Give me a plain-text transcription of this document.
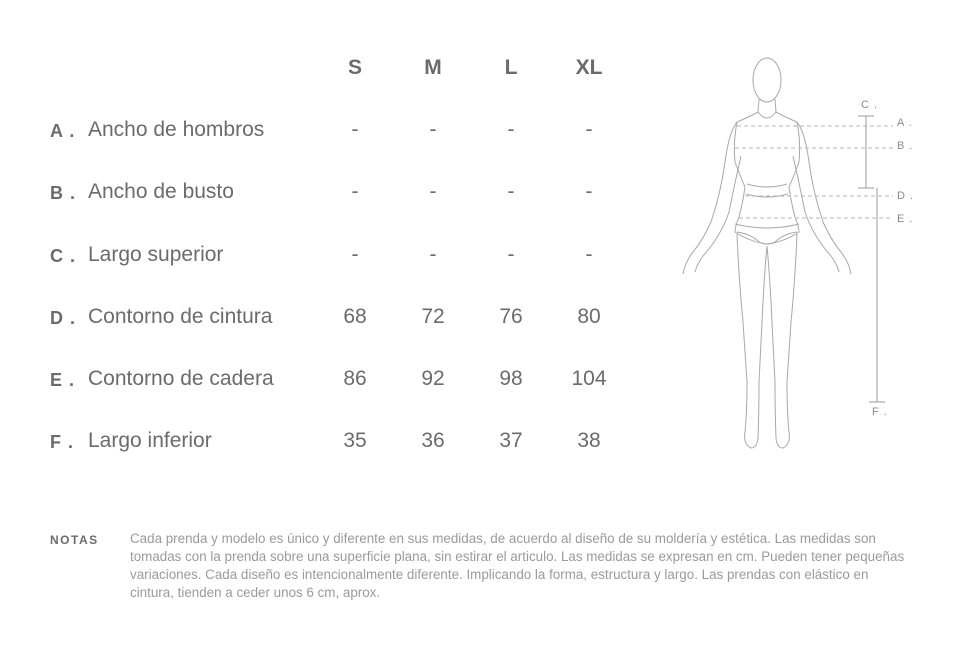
S	M	L	XL
A . Ancho de hombros	-	-	-	-
B . Ancho de busto	-	-	-	-
C . Largo superior	-	-	-	-
D . Contorno de cintura	68	72	76	80
E . Contorno de cadera	86	92	98	104
F . Largo inferior	35	36	37	38
C .
A .
B .
D .
E .
F .
NOTAS Cada prenda y modelo es único y diferente en sus medidas, de acuerdo al diseño de su moldería y estética. Las medidas son tomadas con la prenda sobre una superficie plana, sin estirar el articulo. Las medidas se expresan en cm. Pueden tener pequeñas variaciones. Cada diseño es intencionalmente diferente. Implicando la forma, estructura y largo. Las prendas con elástico en cintura, tienden a ceder unos 6 cm, aprox.
